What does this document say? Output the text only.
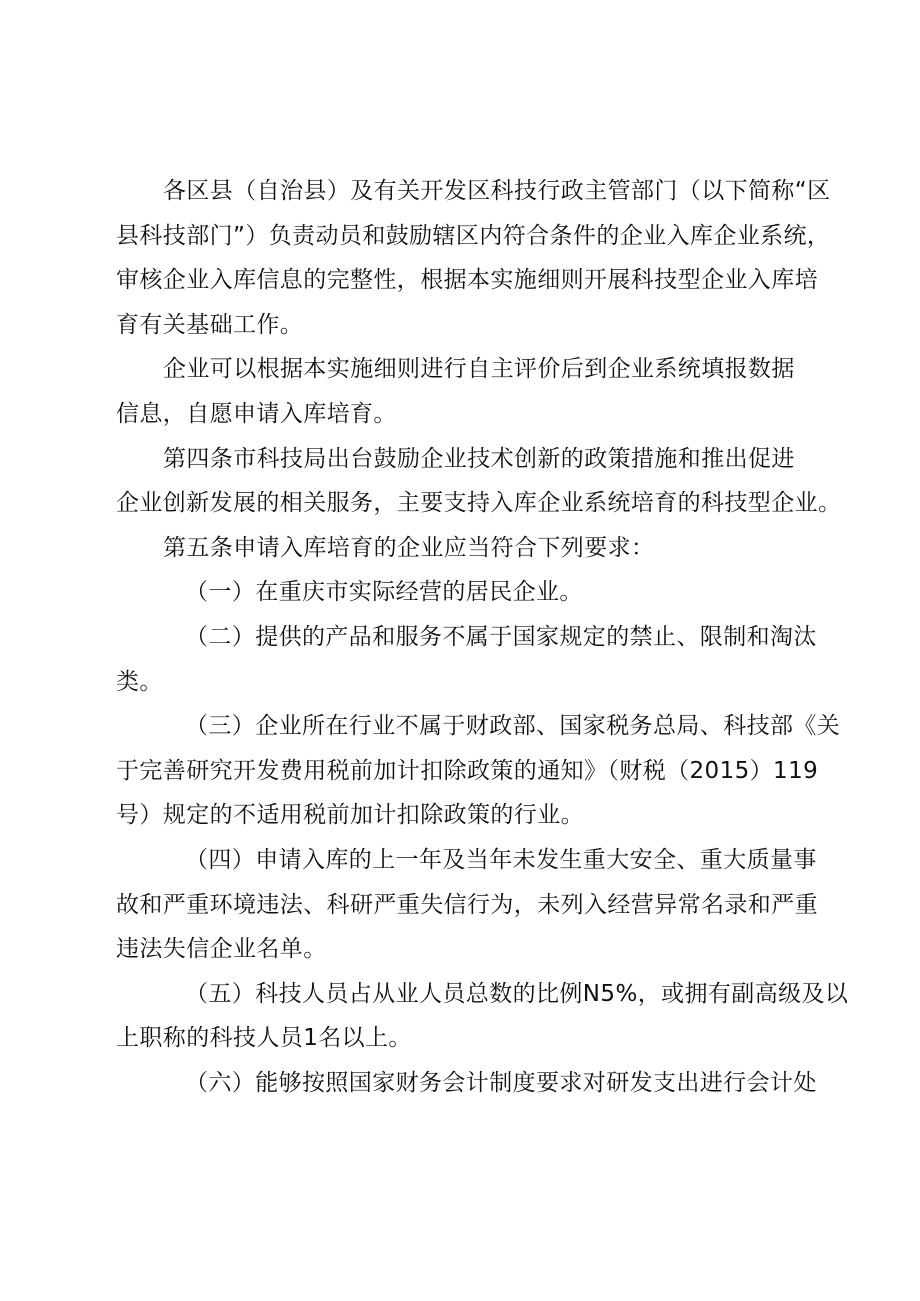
各区县（自治县）及有关开发区科技行政主管部门（以下简称“区
县科技部门”）负责动员和鼓励辖区内符合条件的企业入库企业系统，
审核企业入库信息的完整性，根据本实施细则开展科技型企业入库培
育有关基础工作。
企业可以根据本实施细则进行自主评价后到企业系统填报数据
信息，自愿申请入库培育。
第四条市科技局出台鼓励企业技术创新的政策措施和推出促进
企业创新发展的相关服务，主要支持入库企业系统培育的科技型企业。
第五条申请入库培育的企业应当符合下列要求：
（一）在重庆市实际经营的居民企业。
（二）提供的产品和服务不属于国家规定的禁止、限制和淘汰
类。
（三）企业所在行业不属于财政部、国家税务总局、科技部《关
于完善研究开发费用税前加计扣除政策的通知》（财税（2015）119
号）规定的不适用税前加计扣除政策的行业。
（四）申请入库的上一年及当年未发生重大安全、重大质量事
故和严重环境违法、科研严重失信行为，未列入经营异常名录和严重
违法失信企业名单。
（五）科技人员占从业人员总数的比例N5%，或拥有副高级及以
上职称的科技人员1名以上。
（六）能够按照国家财务会计制度要求对研发支出进行会计处
